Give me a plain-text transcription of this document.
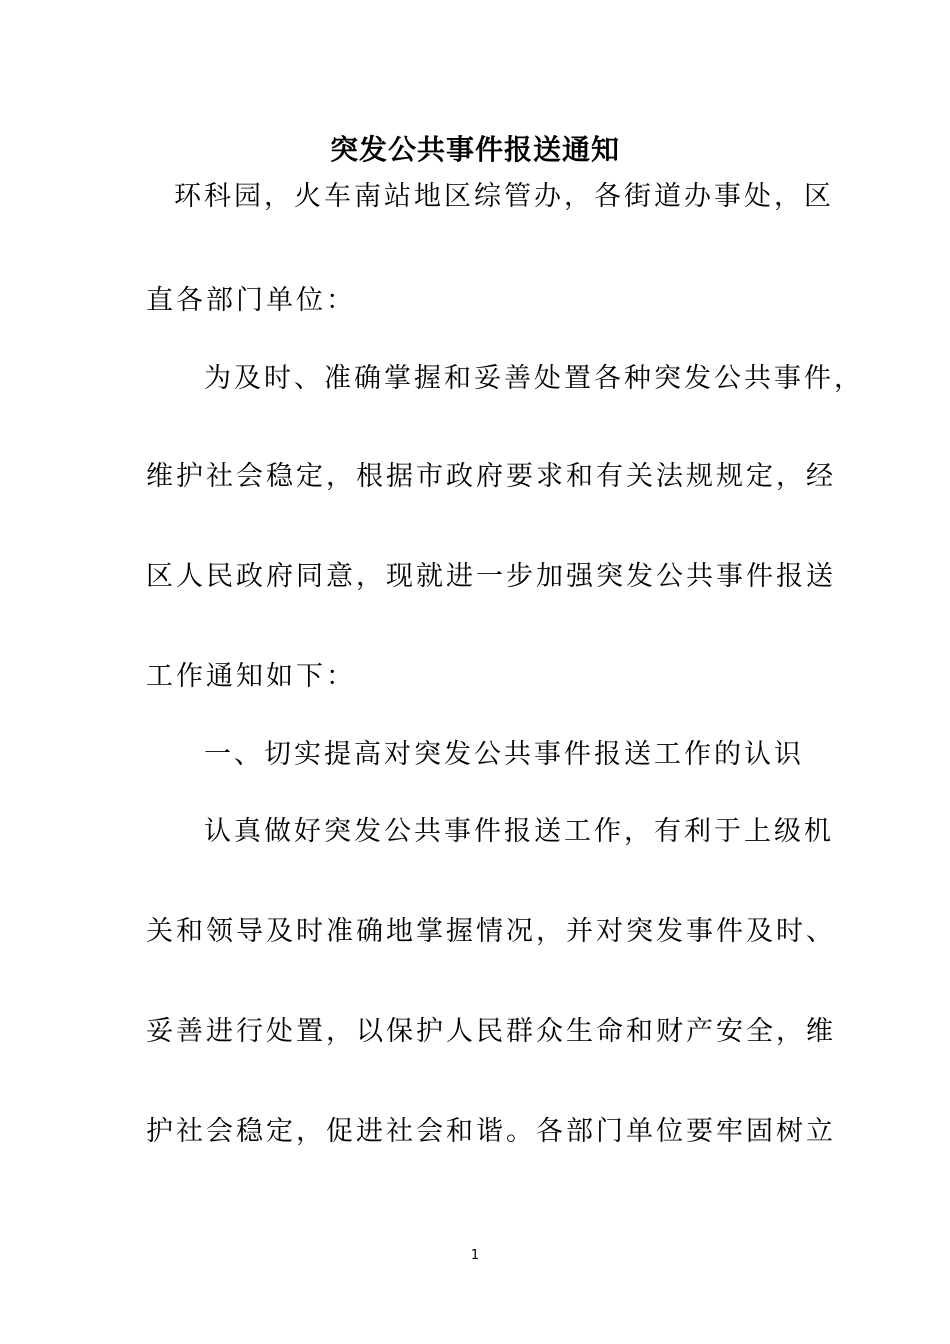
突发公共事件报送通知
环科园，火车南站地区综管办，各街道办事处，区
直各部门单位：
为及时、准确掌握和妥善处置各种突发公共事件，
维护社会稳定，根据市政府要求和有关法规规定，经
区人民政府同意，现就进一步加强突发公共事件报送
工作通知如下：
一、切实提高对突发公共事件报送工作的认识
认真做好突发公共事件报送工作，有利于上级机
关和领导及时准确地掌握情况，并对突发事件及时、
妥善进行处置，以保护人民群众生命和财产安全，维
护社会稳定，促进社会和谐。各部门单位要牢固树立
1
